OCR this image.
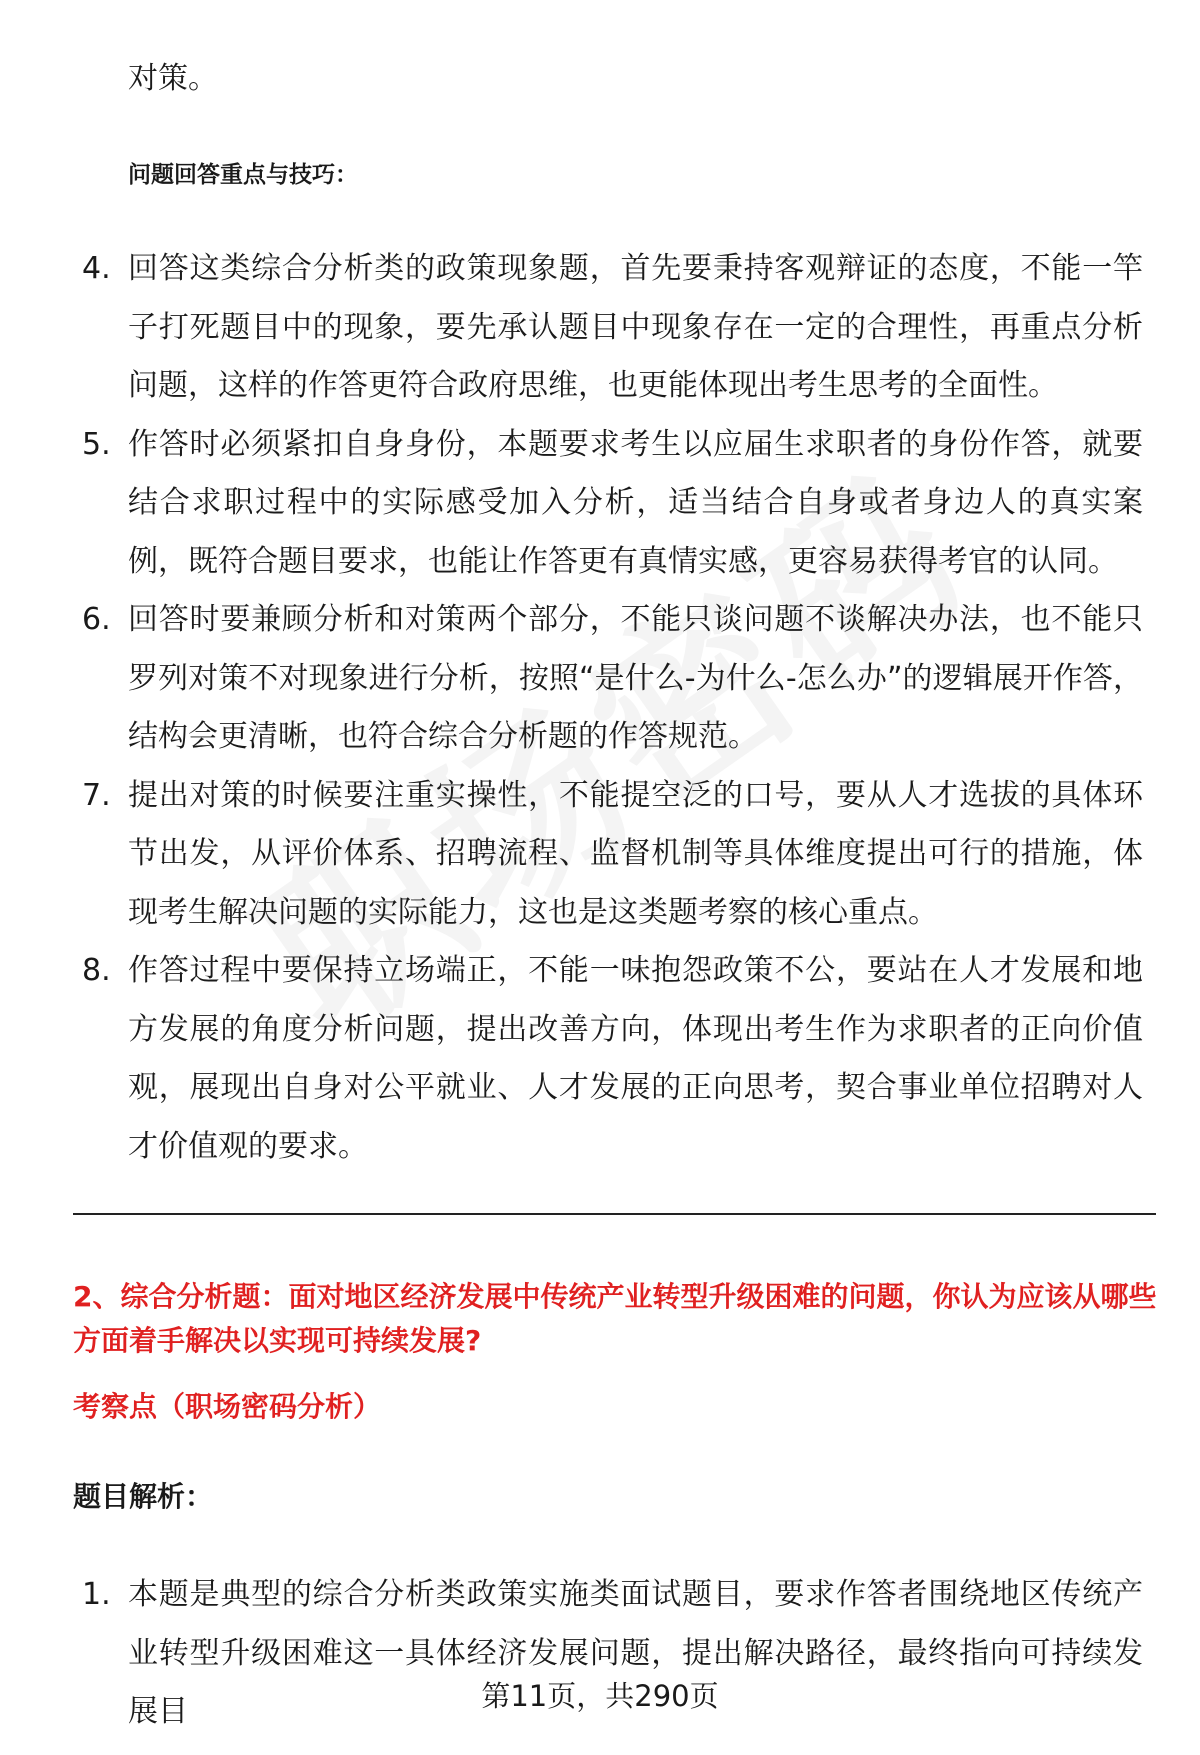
对策。
问题回答重点与技巧：
4. 回答这类综合分析类的政策现象题，首先要秉持客观辩证的态度，不能一竿子打死题目中的现象，要先承认题目中现象存在一定的合理性，再重点分析问题，这样的作答更符合政府思维，也更能体现出考生思考的全面性。
5. 作答时必须紧扣自身身份，本题要求考生以应届生求职者的身份作答，就要结合求职过程中的实际感受加入分析，适当结合自身或者身边人的真实案例，既符合题目要求，也能让作答更有真情实感，更容易获得考官的认同。
6. 回答时要兼顾分析和对策两个部分，不能只谈问题不谈解决办法，也不能只罗列对策不对现象进行分析，按照“是什么-为什么-怎么办”的逻辑展开作答，结构会更清晰，也符合综合分析题的作答规范。
7. 提出对策的时候要注重实操性，不能提空泛的口号，要从人才选拔的具体环节出发，从评价体系、招聘流程、监督机制等具体维度提出可行的措施，体现考生解决问题的实际能力，这也是这类题考察的核心重点。
8. 作答过程中要保持立场端正，不能一味抱怨政策不公，要站在人才发展和地方发展的角度分析问题，提出改善方向，体现出考生作为求职者的正向价值观，展现出自身对公平就业、人才发展的正向思考，契合事业单位招聘对人才价值观的要求。
2、综合分析题：面对地区经济发展中传统产业转型升级困难的问题，你认为应该从哪些方面着手解决以实现可持续发展?
考察点（职场密码分析）
题目解析：
1. 本题是典型的综合分析类政策实施类面试题目，要求作答者围绕地区传统产业转型升级困难这一具体经济发展问题，提出解决路径，最终指向可持续发展目	第11页，共290页
